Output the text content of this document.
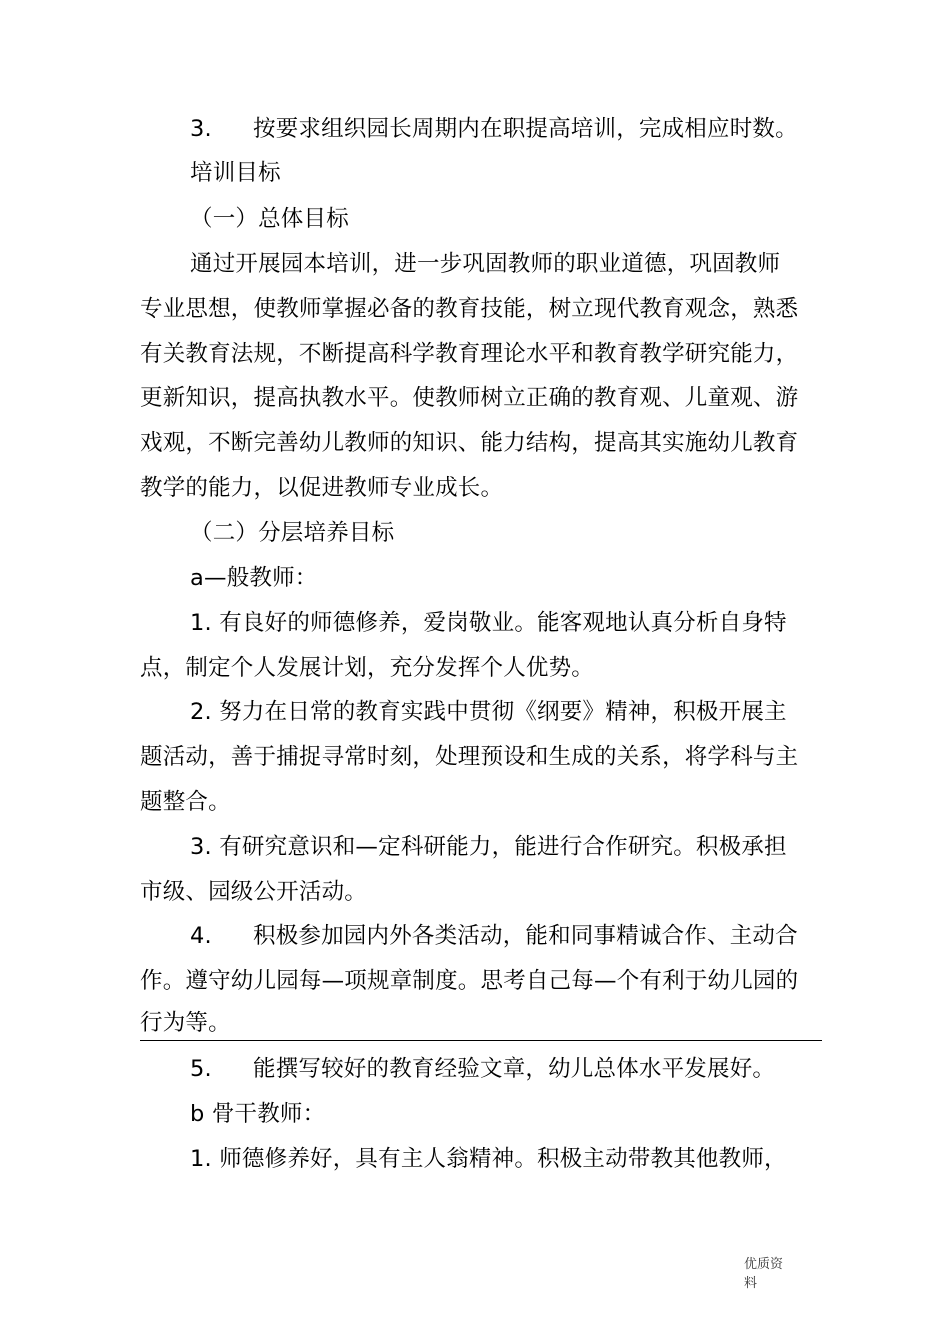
3. 按要求组织园长周期内在职提高培训，完成相应时数。
培训目标
（一）总体目标
通过开展园本培训，进一步巩固教师的职业道德，巩固教师
专业思想，使教师掌握必备的教育技能，树立现代教育观念，熟悉
有关教育法规，不断提高科学教育理论水平和教育教学研究能力，
更新知识，提高执教水平。使教师树立正确的教育观、儿童观、游
戏观，不断完善幼儿教师的知识、能力结构，提高其实施幼儿教育
教学的能力，以促进教师专业成长。
（二）分层培养目标
a—般教师：
1. 有良好的师德修养，爱岗敬业。能客观地认真分析自身特
点，制定个人发展计划，充分发挥个人优势。
2. 努力在日常的教育实践中贯彻《纲要》精神，积极开展主
题活动，善于捕捉寻常时刻，处理预设和生成的关系，将学科与主
题整合。
3. 有研究意识和—定科研能力，能进行合作研究。积极承担
市级、园级公开活动。
4. 积极参加园内外各类活动，能和同事精诚合作、主动合
作。遵守幼儿园每—项规章制度。思考自己每—个有利于幼儿园的
行为等。
5. 能撰写较好的教育经验文章，幼儿总体水平发展好。
b 骨干教师：
1. 师德修养好，具有主人翁精神。积极主动带教其他教师，
优质资料
